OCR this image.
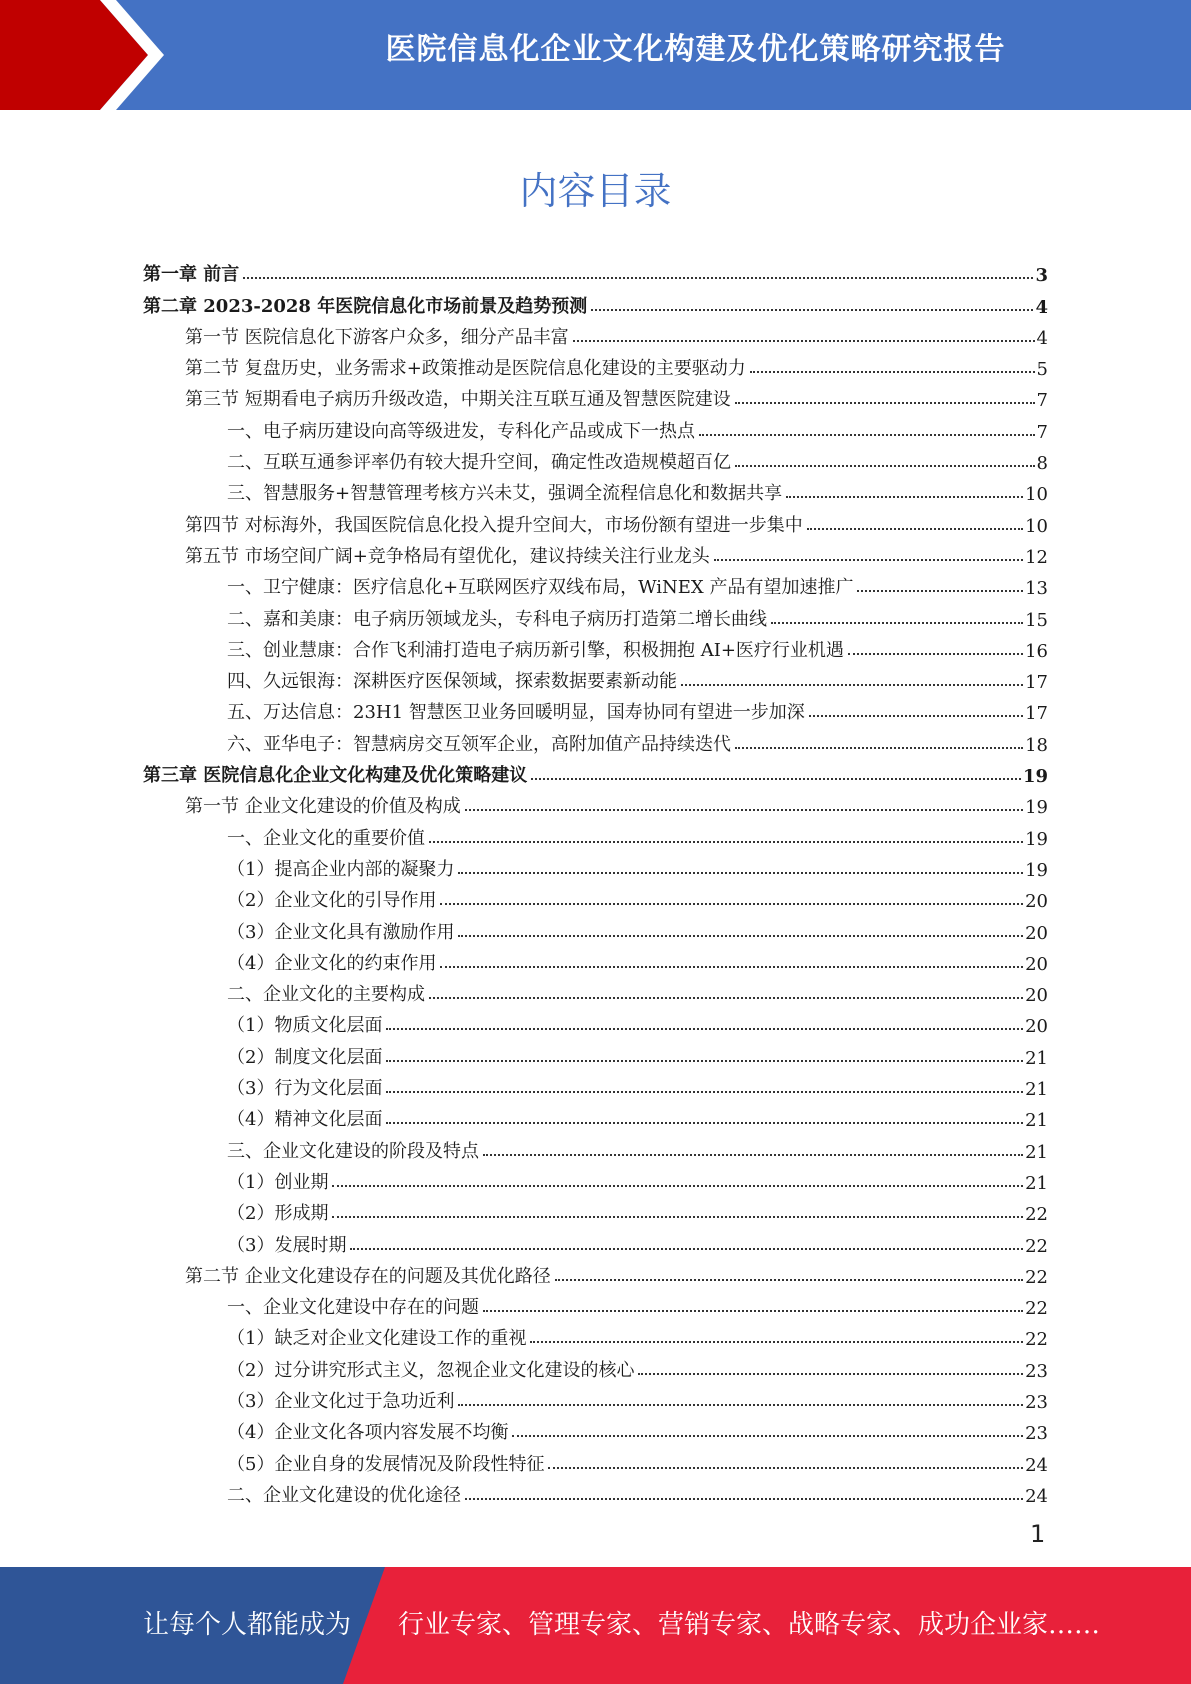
医院信息化企业文化构建及优化策略研究报告
内容目录
第一章 前言	3
第二章 2023-2028 年医院信息化市场前景及趋势预测	4
第一节 医院信息化下游客户众多，细分产品丰富	4
第二节 复盘历史，业务需求+政策推动是医院信息化建设的主要驱动力	5
第三节 短期看电子病历升级改造，中期关注互联互通及智慧医院建设	7
一、电子病历建设向高等级进发，专科化产品或成下一热点	7
二、互联互通参评率仍有较大提升空间，确定性改造规模超百亿	8
三、智慧服务+智慧管理考核方兴未艾，强调全流程信息化和数据共享	10
第四节 对标海外，我国医院信息化投入提升空间大，市场份额有望进一步集中	10
第五节 市场空间广阔+竞争格局有望优化，建议持续关注行业龙头	12
一、卫宁健康：医疗信息化+互联网医疗双线布局，WiNEX 产品有望加速推广	13
二、嘉和美康：电子病历领域龙头，专科电子病历打造第二增长曲线	15
三、创业慧康：合作飞利浦打造电子病历新引擎，积极拥抱 AI+医疗行业机遇	16
四、久远银海：深耕医疗医保领域，探索数据要素新动能	17
五、万达信息：23H1 智慧医卫业务回暖明显，国寿协同有望进一步加深	17
六、亚华电子：智慧病房交互领军企业，高附加值产品持续迭代	18
第三章 医院信息化企业文化构建及优化策略建议	19
第一节 企业文化建设的价值及构成	19
一、企业文化的重要价值	19
（1）提高企业内部的凝聚力	19
（2）企业文化的引导作用	20
（3）企业文化具有激励作用	20
（4）企业文化的约束作用	20
二、企业文化的主要构成	20
（1）物质文化层面	20
（2）制度文化层面	21
（3）行为文化层面	21
（4）精神文化层面	21
三、企业文化建设的阶段及特点	21
（1）创业期	21
（2）形成期	22
（3）发展时期	22
第二节 企业文化建设存在的问题及其优化路径	22
一、企业文化建设中存在的问题	22
（1）缺乏对企业文化建设工作的重视	22
（2）过分讲究形式主义，忽视企业文化建设的核心	23
（3）企业文化过于急功近利	23
（4）企业文化各项内容发展不均衡	23
（5）企业自身的发展情况及阶段性特征	24
二、企业文化建设的优化途径	24
1
让每个人都能成为 行业专家、管理专家、营销专家、战略专家、成功企业家……
